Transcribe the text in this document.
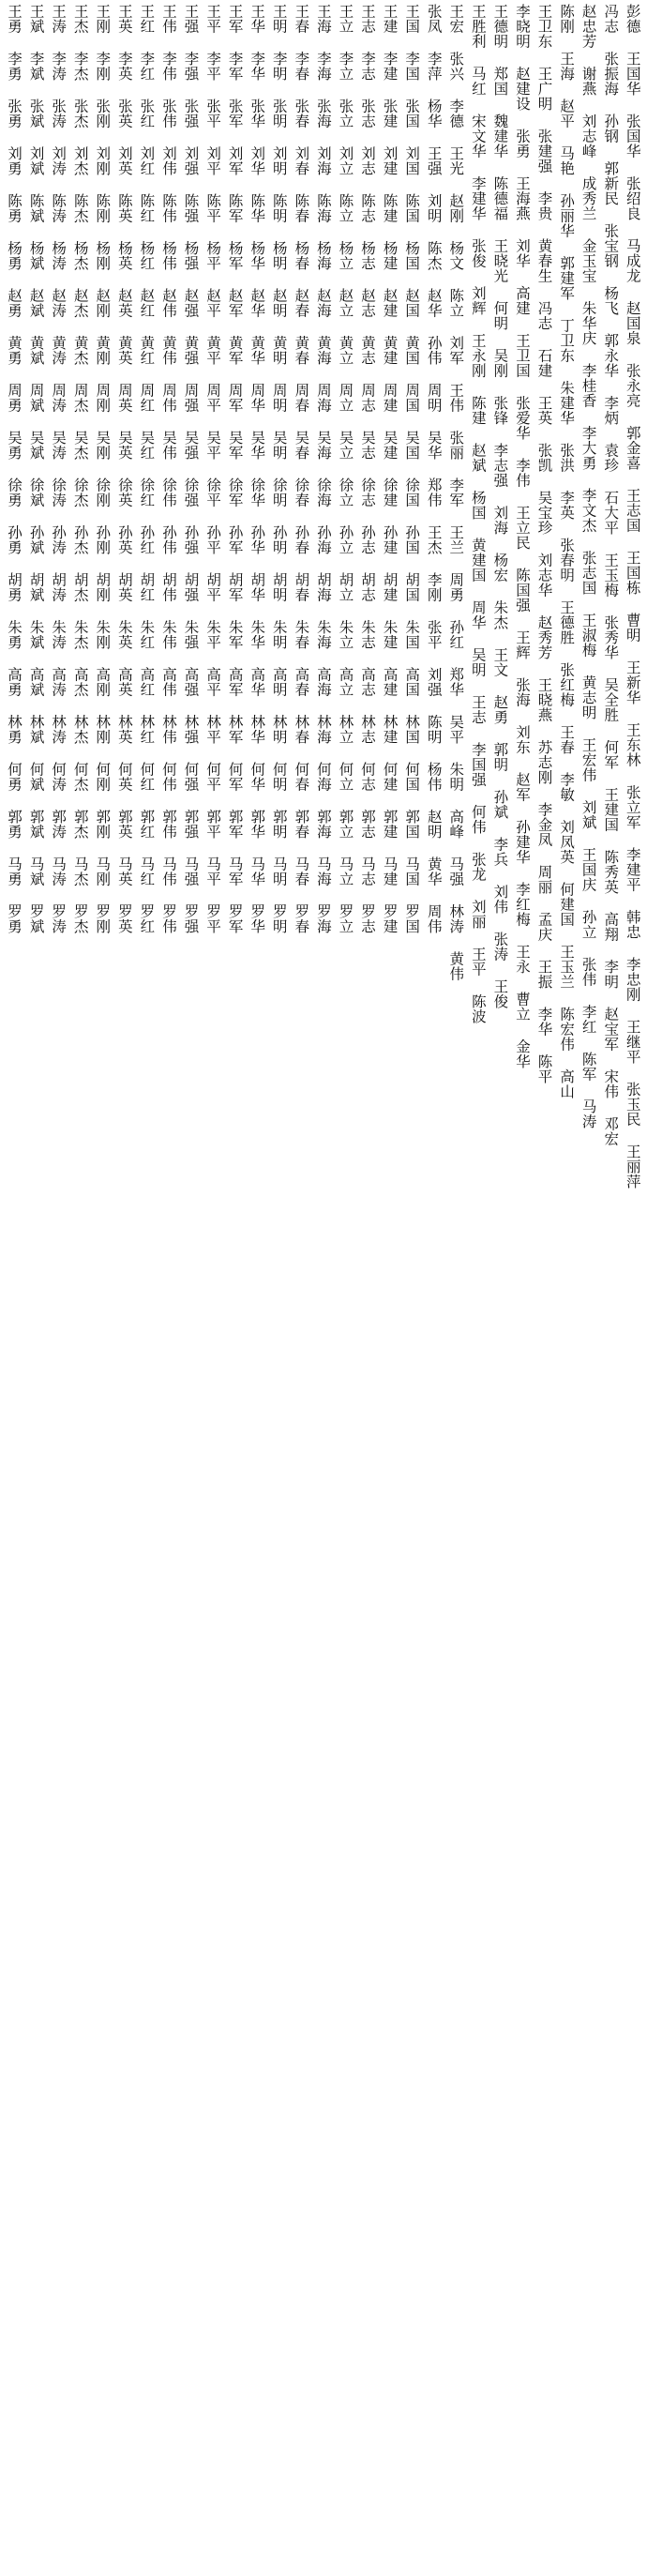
彭德 王国华 张国华 张绍良 马成龙 赵国泉 张永亮 郭金喜 王志国 王国栋 曹明 王新华 王东林 张立军 李建平 韩忠 李忠刚 王继平 张玉民 王丽萍
冯志 张振海 孙钢 郭新民 张宝钢 杨飞 郭永华 李炳 袁珍 石大平 王玉梅 张秀华 吴全胜 何军 王建国 陈秀英 高翔 李明 赵宝军 宋伟 邓宏
赵忠芳 谢燕 刘志峰 成秀兰 金玉宝 朱华庆 李桂香 李大勇 李文杰 张志国 王淑梅 黄志明 王宏伟 刘斌 王国庆 孙立 张伟 李红 陈军 马涛
陈刚 王海 赵平 马艳 孙丽华 郭建军 丁卫东 朱建华 张洪 李英 张春明 王德胜 张红梅 王春 李敏 刘凤英 何建国 王玉兰 陈宏伟 高山
王卫东 王广明 张建强 李贵 黄春生 冯志 石建 王英 张凯 吴宝珍 刘志华 赵秀芳 王晓燕 苏志刚 李金凤 周丽 孟庆 王振 李华 陈平
李晓明 赵建设 张勇 王海燕 刘华 高建 王卫国 张爱华 李伟 王立民 陈国强 王辉 张海 刘东 赵军 孙建华 李红梅 王永 曹立 金华
王德明 郑国 魏建华 陈德福 王晓光 何明 吴刚 张锋 李志强 刘海 杨宏 朱杰 王文 赵勇 郭明 孙斌 李兵 刘伟 张涛 王俊
王胜利 马红 宋文华 李建华 张俊 刘辉 王永刚 陈建 赵斌 杨国 黄建国 周华 吴明 王志 李国强 何伟 张龙 刘丽 王平 陈波
王宏 张兴 李德 王光 赵刚 杨文 陈立 刘军 王伟 张丽 李军 王兰 周勇 孙红 郑华 吴平 朱明 高峰 马强 林涛 黄伟
张凤 李萍 杨华 王强 刘明 陈杰 赵华 孙伟 周明 吴华 郑伟 王杰 李刚 张平 刘强 陈明 杨伟 赵明 黄华 周伟
王国 李国 张国 刘国 陈国 杨国 赵国 黄国 周国 吴国 徐国 孙国 胡国 朱国 高国 林国 何国 郭国 马国 罗国
王建 李建 张建 刘建 陈建 杨建 赵建 黄建 周建 吴建 徐建 孙建 胡建 朱建 高建 林建 何建 郭建 马建 罗建
王志 李志 张志 刘志 陈志 杨志 赵志 黄志 周志 吴志 徐志 孙志 胡志 朱志 高志 林志 何志 郭志 马志 罗志
王立 李立 张立 刘立 陈立 杨立 赵立 黄立 周立 吴立 徐立 孙立 胡立 朱立 高立 林立 何立 郭立 马立 罗立
王海 李海 张海 刘海 陈海 杨海 赵海 黄海 周海 吴海 徐海 孙海 胡海 朱海 高海 林海 何海 郭海 马海 罗海
王春 李春 张春 刘春 陈春 杨春 赵春 黄春 周春 吴春 徐春 孙春 胡春 朱春 高春 林春 何春 郭春 马春 罗春
王明 李明 张明 刘明 陈明 杨明 赵明 黄明 周明 吴明 徐明 孙明 胡明 朱明 高明 林明 何明 郭明 马明 罗明
王华 李华 张华 刘华 陈华 杨华 赵华 黄华 周华 吴华 徐华 孙华 胡华 朱华 高华 林华 何华 郭华 马华 罗华
王军 李军 张军 刘军 陈军 杨军 赵军 黄军 周军 吴军 徐军 孙军 胡军 朱军 高军 林军 何军 郭军 马军 罗军
王平 李平 张平 刘平 陈平 杨平 赵平 黄平 周平 吴平 徐平 孙平 胡平 朱平 高平 林平 何平 郭平 马平 罗平
王强 李强 张强 刘强 陈强 杨强 赵强 黄强 周强 吴强 徐强 孙强 胡强 朱强 高强 林强 何强 郭强 马强 罗强
王伟 李伟 张伟 刘伟 陈伟 杨伟 赵伟 黄伟 周伟 吴伟 徐伟 孙伟 胡伟 朱伟 高伟 林伟 何伟 郭伟 马伟 罗伟
王红 李红 张红 刘红 陈红 杨红 赵红 黄红 周红 吴红 徐红 孙红 胡红 朱红 高红 林红 何红 郭红 马红 罗红
王英 李英 张英 刘英 陈英 杨英 赵英 黄英 周英 吴英 徐英 孙英 胡英 朱英 高英 林英 何英 郭英 马英 罗英
王刚 李刚 张刚 刘刚 陈刚 杨刚 赵刚 黄刚 周刚 吴刚 徐刚 孙刚 胡刚 朱刚 高刚 林刚 何刚 郭刚 马刚 罗刚
王杰 李杰 张杰 刘杰 陈杰 杨杰 赵杰 黄杰 周杰 吴杰 徐杰 孙杰 胡杰 朱杰 高杰 林杰 何杰 郭杰 马杰 罗杰
王涛 李涛 张涛 刘涛 陈涛 杨涛 赵涛 黄涛 周涛 吴涛 徐涛 孙涛 胡涛 朱涛 高涛 林涛 何涛 郭涛 马涛 罗涛
王斌 李斌 张斌 刘斌 陈斌 杨斌 赵斌 黄斌 周斌 吴斌 徐斌 孙斌 胡斌 朱斌 高斌 林斌 何斌 郭斌 马斌 罗斌
王勇 李勇 张勇 刘勇 陈勇 杨勇 赵勇 黄勇 周勇 吴勇 徐勇 孙勇 胡勇 朱勇 高勇 林勇 何勇 郭勇 马勇 罗勇
